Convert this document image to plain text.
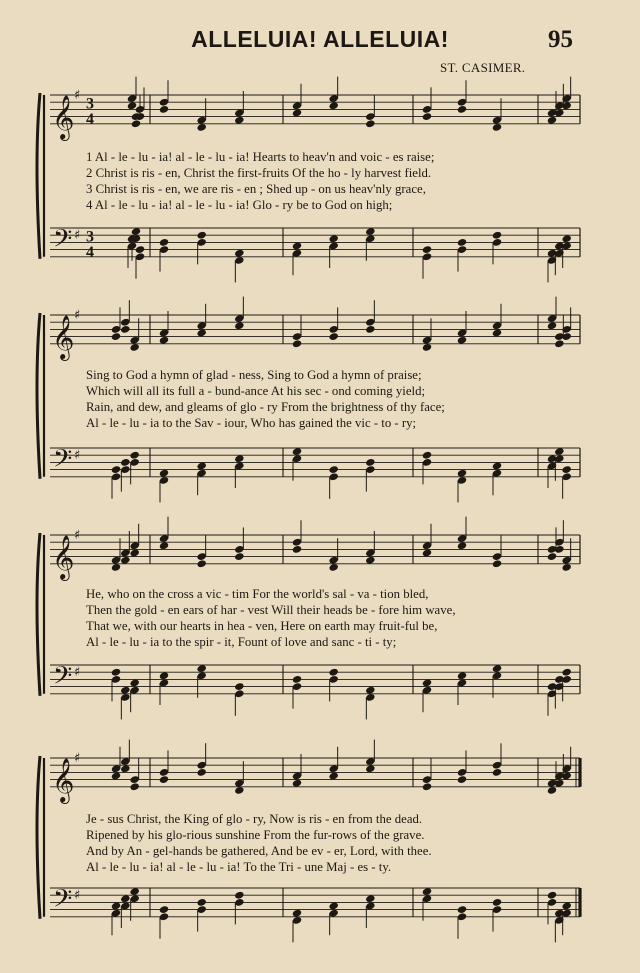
ALLELUIA! ALLELUIA!	95
ST. CASIMER.
𝄞 ♯ 3
4
𝄢 ♯ 3
4
𝄞 ♯
𝄢 ♯
𝄞 ♯
𝄢 ♯
𝄞 ♯
𝄢 ♯
1 Al - le - lu - ia! al - le - lu - ia! Hearts to heav'n and voic - es raise;
2 Christ is ris - en, Christ the first-fruits Of the ho - ly harvest field.
3 Christ is ris - en, we are ris - en ; Shed up - on us heav'nly grace,
4 Al - le - lu - ia! al - le - lu - ia! Glo - ry be to God on high;
Sing to God a hymn of glad - ness, Sing to God a hymn of praise;
Which will all its full a - bund-ance At his sec - ond coming yield;
Rain, and dew, and gleams of glo - ry From the brightness of thy face;
Al - le - lu - ia to the Sav - iour, Who has gained the vic - to - ry;
He, who on the cross a vic - tim For the world's sal - va - tion bled,
Then the gold - en ears of har - vest Will their heads be - fore him wave,
That we, with our hearts in hea - ven, Here on earth may fruit-ful be,
Al - le - lu - ia to the spir - it, Fount of love and sanc - ti - ty;
Je - sus Christ, the King of glo - ry, Now is ris - en from the dead.
Ripened by his glo-rious sunshine From the fur-rows of the grave.
And by An - gel-hands be gathered, And be ev - er, Lord, with thee.
Al - le - lu - ia! al - le - lu - ia! To the Tri - une Maj - es - ty.
